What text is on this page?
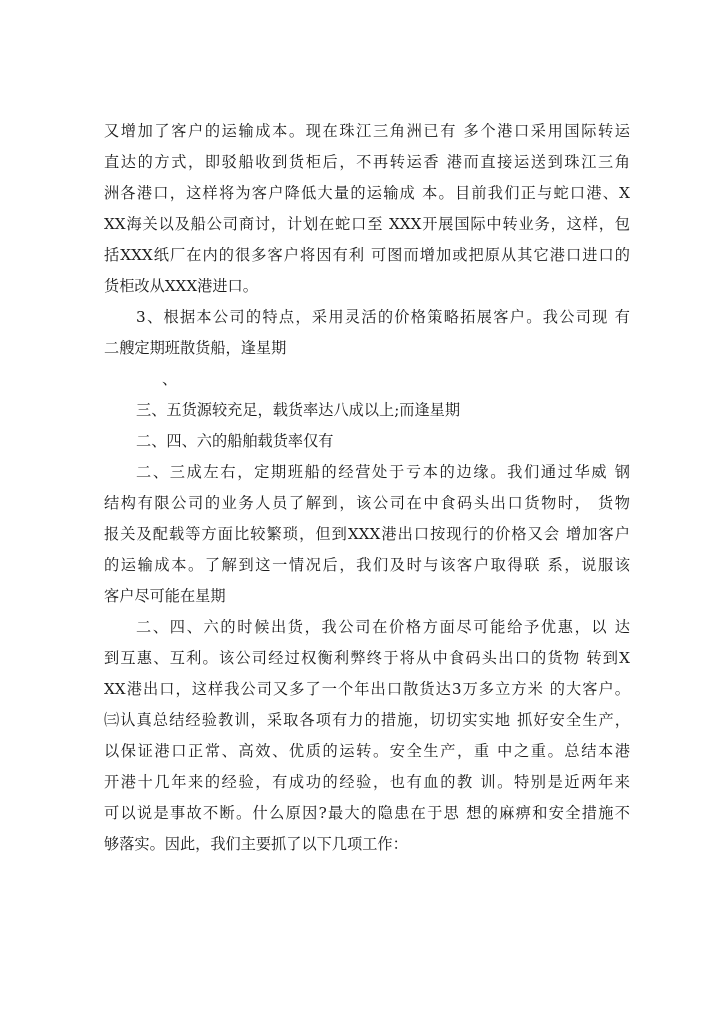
又增加了客户的运输成本。现在珠江三角洲已有 多个港口采用国际转运
直达的方式，即驳船收到货柜后，不再转运香 港而直接运送到珠江三角
洲各港口，这样将为客户降低大量的运输成 本。目前我们正与蛇口港、X
XX海关以及船公司商讨，计划在蛇口至 XXX开展国际中转业务，这样，包
括XXX纸厂在内的很多客户将因有利 可图而增加或把原从其它港口进口的
货柜改从XXX港进口。
3、根据本公司的特点，采用灵活的价格策略拓展客户。我公司现 有
二艘定期班散货船，逢星期
、
三、五货源较充足，载货率达八成以上;而逢星期
二、四、六的船舶载货率仅有
二、三成左右，定期班船的经营处于亏本的边缘。我们通过华威 钢
结构有限公司的业务人员了解到，该公司在中食码头出口货物时， 货物
报关及配载等方面比较繁琐，但到XXX港出口按现行的价格又会 增加客户
的运输成本。了解到这一情况后，我们及时与该客户取得联 系，说服该
客户尽可能在星期
二、四、六的时候出货，我公司在价格方面尽可能给予优惠，以 达
到互惠、互利。该公司经过权衡利弊终于将从中食码头出口的货物 转到X
XX港出口，这样我公司又多了一个年出口散货达3万多立方米 的大客户。
㈢认真总结经验教训，采取各项有力的措施，切切实实地 抓好安全生产，
以保证港口正常、高效、优质的运转。安全生产，重 中之重。总结本港
开港十几年来的经验，有成功的经验，也有血的教 训。特别是近两年来
可以说是事故不断。什么原因?最大的隐患在于思 想的麻痹和安全措施不
够落实。因此，我们主要抓了以下几项工作：
